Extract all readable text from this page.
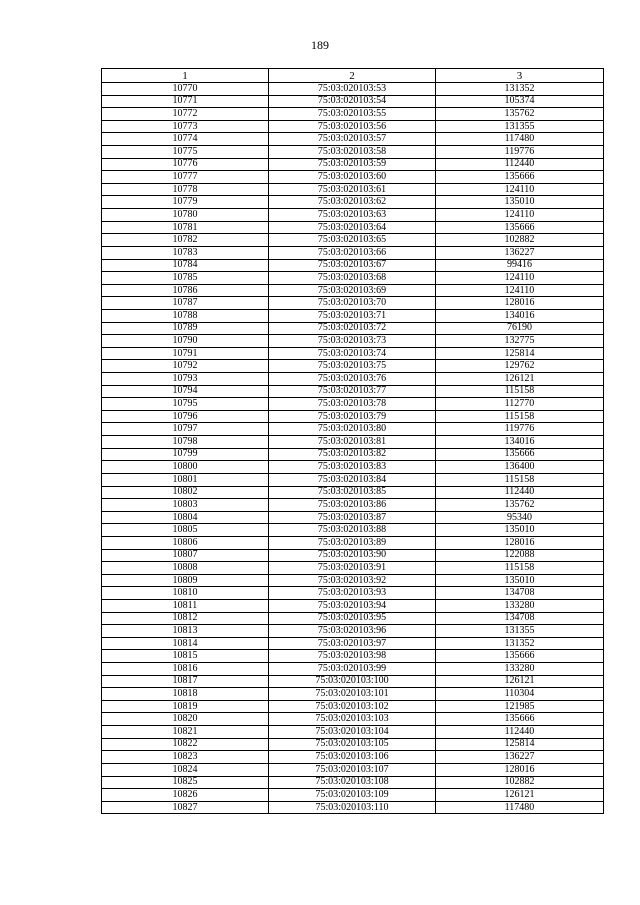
189
1	2	3
10770	75:03:020103:53	131352
10771	75:03:020103:54	105374
10772	75:03:020103:55	135762
10773	75:03:020103:56	131355
10774	75:03:020103:57	117480
10775	75:03:020103:58	119776
10776	75:03:020103:59	112440
10777	75:03:020103:60	135666
10778	75:03:020103:61	124110
10779	75:03:020103:62	135010
10780	75:03:020103:63	124110
10781	75:03:020103:64	135666
10782	75:03:020103:65	102882
10783	75:03:020103:66	136227
10784	75:03:020103:67	99416
10785	75:03:020103:68	124110
10786	75:03:020103:69	124110
10787	75:03:020103:70	128016
10788	75:03:020103:71	134016
10789	75:03:020103:72	76190
10790	75:03:020103:73	132775
10791	75:03:020103:74	125814
10792	75:03:020103:75	129762
10793	75:03:020103:76	126121
10794	75:03:020103:77	115158
10795	75:03:020103:78	112770
10796	75:03:020103:79	115158
10797	75:03:020103:80	119776
10798	75:03:020103:81	134016
10799	75:03:020103:82	135666
10800	75:03:020103:83	136400
10801	75:03:020103:84	115158
10802	75:03:020103:85	112440
10803	75:03:020103:86	135762
10804	75:03:020103:87	95340
10805	75:03:020103:88	135010
10806	75:03:020103:89	128016
10807	75:03:020103:90	122088
10808	75:03:020103:91	115158
10809	75:03:020103:92	135010
10810	75:03:020103:93	134708
10811	75:03:020103:94	133280
10812	75:03:020103:95	134708
10813	75:03:020103:96	131355
10814	75:03:020103:97	131352
10815	75:03:020103:98	135666
10816	75:03:020103:99	133280
10817	75:03:020103:100	126121
10818	75:03:020103:101	110304
10819	75:03:020103:102	121985
10820	75:03:020103:103	135666
10821	75:03:020103:104	112440
10822	75:03:020103:105	125814
10823	75:03:020103:106	136227
10824	75:03:020103:107	128016
10825	75:03:020103:108	102882
10826	75:03:020103:109	126121
10827	75:03:020103:110	117480
